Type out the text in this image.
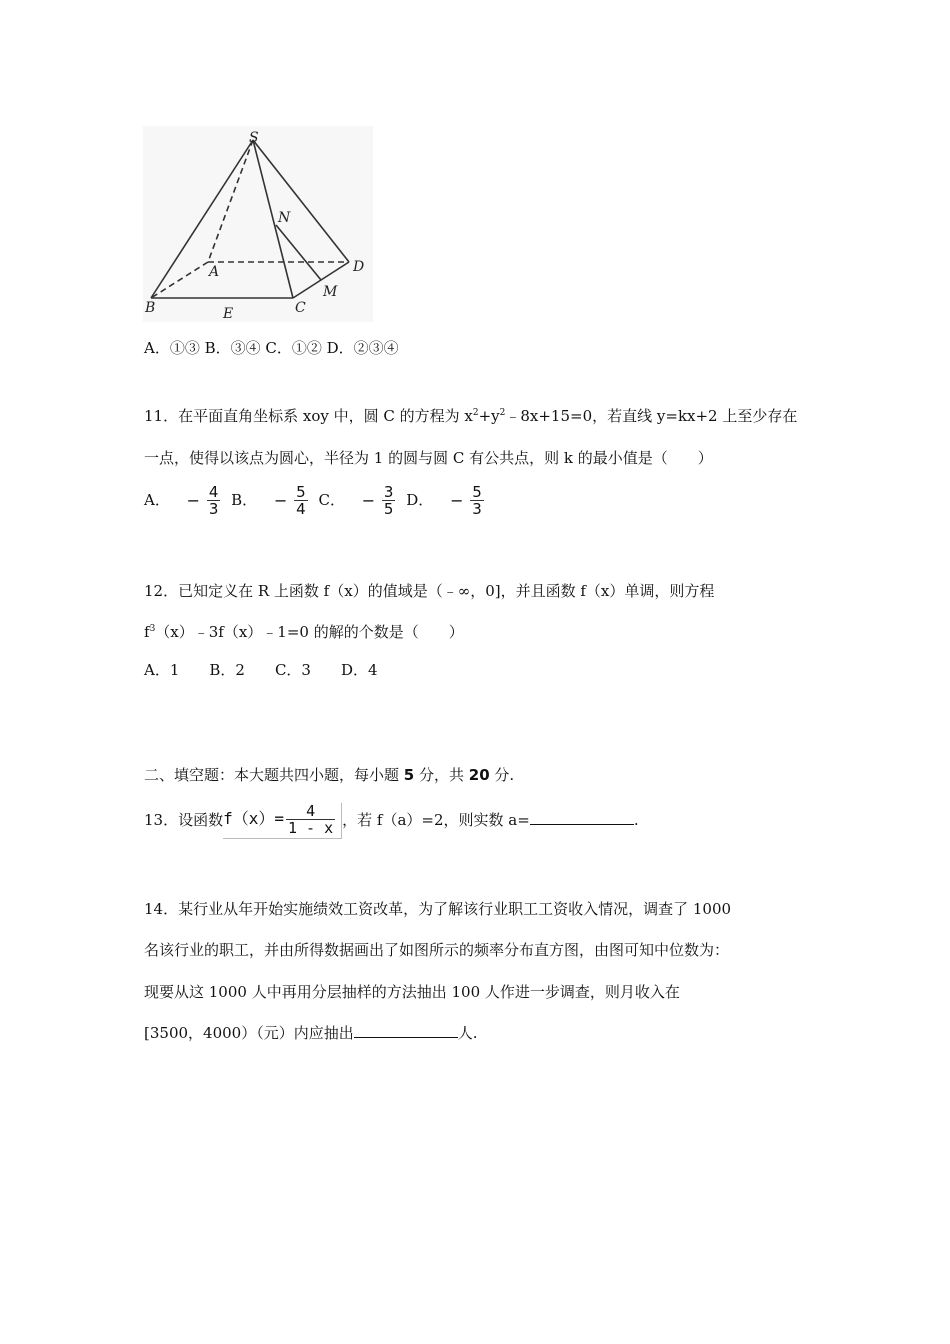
S
N
A	D
B	E	C
M
A．①③ B．③④ C．①② D．②③④
11．在平面直角坐标系 xoy 中，圆 C 的方程为 $x^2+y^2﹣8x+15=0$，若直线 y=kx+2 上至少存在
一点，使得以该点为圆心，半径为 1 的圆与圆 C 有公共点，则 k 的最小值是（　　）
A． − $\frac{4}{3}$ B． − $\frac{5}{4}$ C． − $\frac{3}{5}$ D． − $\frac{5}{3}$
12．已知定义在 R 上函数 f（x）的值域是（﹣∞，0]，并且函数 f（x）单调，则方程
$f^3(x)﹣3f(x)﹣1=0$ 的解的个数是（　　）
A．1　　B．2　　C．3　　D．4
二、填空题：本大题共四小题，每小题 5 分，共 20 分.
13．设函数$f(x)= \frac{4}{1 - x}$ ，若 f（a）=2，则实数 a=	.
14．某行业从年开始实施绩效工资改革，为了解该行业职工工资收入情况，调查了 1000
名该行业的职工，并由所得数据画出了如图所示的频率分布直方图，由图可知中位数为：
现要从这 1000 人中再用分层抽样的方法抽出 100 人作进一步调查，则月收入在
[3500，4000）（元）内应抽出	人.
